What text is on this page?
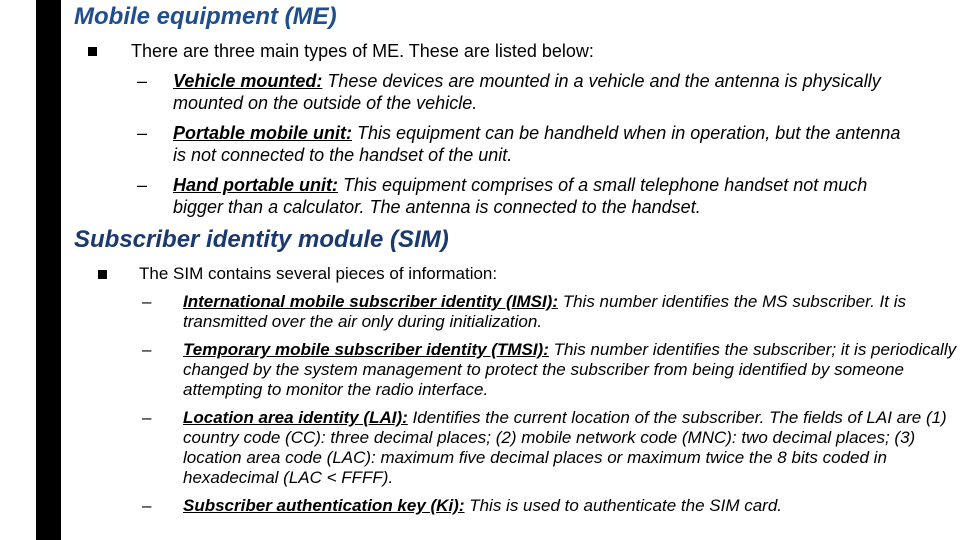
Mobile equipment (ME)
There are three main types of ME. These are listed below:
–	Vehicle mounted: These devices are mounted in a vehicle and the antenna is physically mounted on the outside of the vehicle.
–	Portable mobile unit: This equipment can be handheld when in operation, but the antenna is not connected to the handset of the unit.
–	Hand portable unit: This equipment comprises of a small telephone handset not much bigger than a calculator. The antenna is connected to the handset.
Subscriber identity module (SIM)
The SIM contains several pieces of information:
–	International mobile subscriber identity (IMSI): This number identifies the MS subscriber. It is transmitted over the air only during initialization.
–	Temporary mobile subscriber identity (TMSI): This number identifies the subscriber; it is periodically changed by the system management to protect the subscriber from being identified by someone attempting to monitor the radio interface.
–	Location area identity (LAI): Identifies the current location of the subscriber. The fields of LAI are (1) country code (CC): three decimal places; (2) mobile network code (MNC): two decimal places; (3) location area code (LAC): maximum five decimal places or maximum twice the 8 bits coded in hexadecimal (LAC < FFFF).
–	Subscriber authentication key (Ki): This is used to authenticate the SIM card.
